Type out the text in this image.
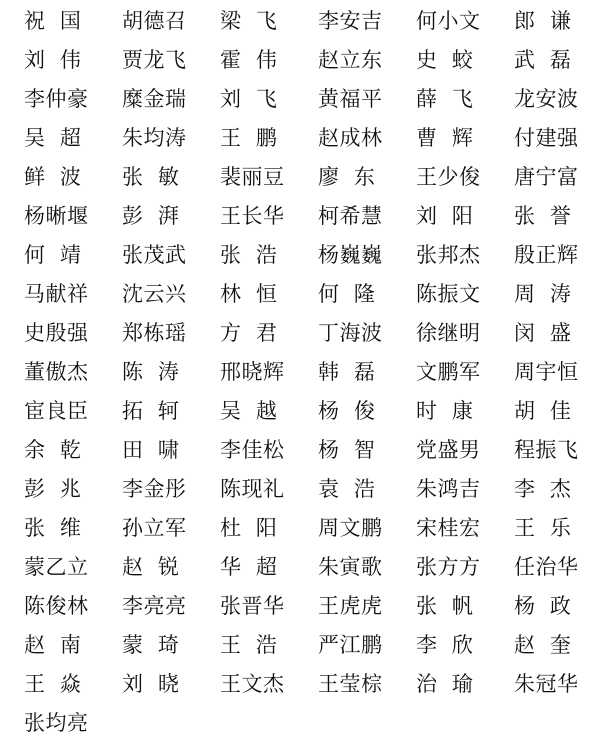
祝  国	胡德召	梁  飞	李安吉	何小文	郎  谦
刘  伟	贾龙飞	霍  伟	赵立东	史  蛟	武  磊
李仲豪	糜金瑞	刘  飞	黄福平	薛  飞	龙安波
吴  超	朱均涛	王  鹏	赵成林	曹  辉	付建强
鲜  波	张  敏	裴丽豆	廖  东	王少俊	唐宁富
杨晰堰	彭  湃	王长华	柯希慧	刘  阳	张  誉
何  靖	张茂武	张  浩	杨巍巍	张邦杰	殷正辉
马献祥	沈云兴	林  恒	何  隆	陈振文	周  涛
史殷强	郑栋瑶	方  君	丁海波	徐继明	闵  盛
董傲杰	陈  涛	邢晓辉	韩  磊	文鹏军	周宇恒
宦良臣	拓  轲	吴  越	杨  俊	时  康	胡  佳
余  乾	田  啸	李佳松	杨  智	党盛男	程振飞
彭  兆	李金彤	陈现礼	袁  浩	朱鸿吉	李  杰
张  维	孙立军	杜  阳	周文鹏	宋桂宏	王  乐
蒙乙立	赵  锐	华  超	朱寅歌	张方方	任治华
陈俊林	李亮亮	张晋华	王虎虎	张  帆	杨  政
赵  南	蒙  琦	王  浩	严江鹏	李  欣	赵  奎
王  焱	刘  晓	王文杰	王莹棕	治  瑜	朱冠华
张均亮
